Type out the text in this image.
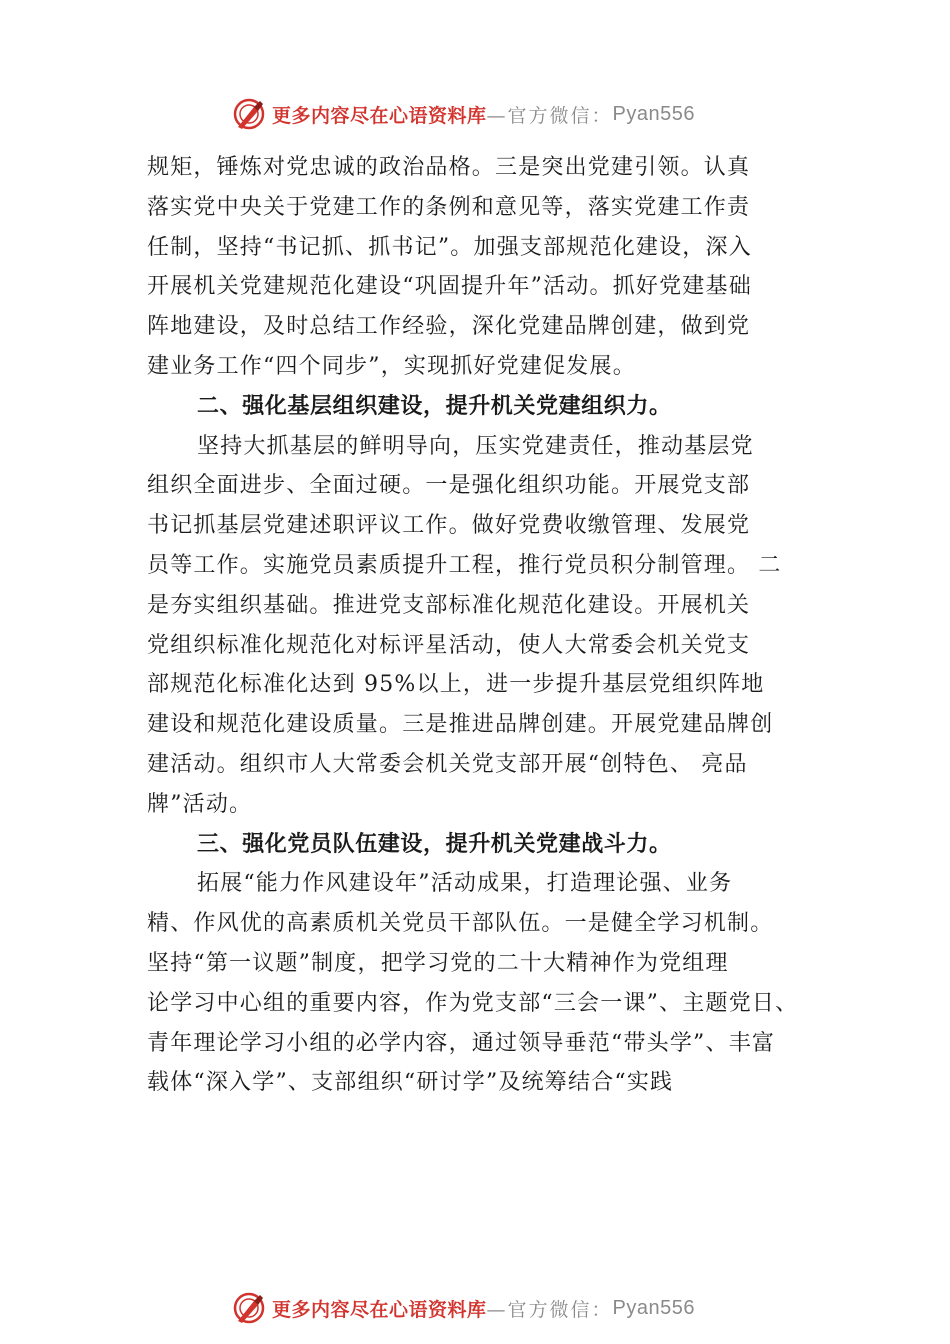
更多内容尽在心语资料库 —官方微信： Pyan556
规矩，锤炼对党忠诚的政治品格。三是突出党建引领。认真
落实党中央关于党建工作的条例和意见等，落实党建工作责
任制，坚持“书记抓、抓书记”。加强支部规范化建设，深入
开展机关党建规范化建设“巩固提升年”活动。抓好党建基础
阵地建设，及时总结工作经验，深化党建品牌创建，做到党
建业务工作“四个同步”，实现抓好党建促发展。
二、强化基层组织建设，提升机关党建组织力。
坚持大抓基层的鲜明导向，压实党建责任，推动基层党
组织全面进步、全面过硬。一是强化组织功能。开展党支部
书记抓基层党建述职评议工作。做好党费收缴管理、发展党
员等工作。实施党员素质提升工程，推行党员积分制管理。 二
是夯实组织基础。推进党支部标准化规范化建设。开展机关
党组织标准化规范化对标评星活动，使人大常委会机关党支
部规范化标准化达到 95%以上，进一步提升基层党组织阵地
建设和规范化建设质量。三是推进品牌创建。开展党建品牌创
建活动。组织市人大常委会机关党支部开展“创特色、 亮品
牌”活动。
三、强化党员队伍建设，提升机关党建战斗力。
拓展“能力作风建设年”活动成果，打造理论强、业务
精、作风优的高素质机关党员干部队伍。一是健全学习机制。
坚持“第一议题”制度，把学习党的二十大精神作为党组理
论学习中心组的重要内容，作为党支部“三会一课”、主题党日、
青年理论学习小组的必学内容，通过领导垂范“带头学”、丰富
载体“深入学”、支部组织“研讨学”及统筹结合“实践
更多内容尽在心语资料库 —官方微信： Pyan556
